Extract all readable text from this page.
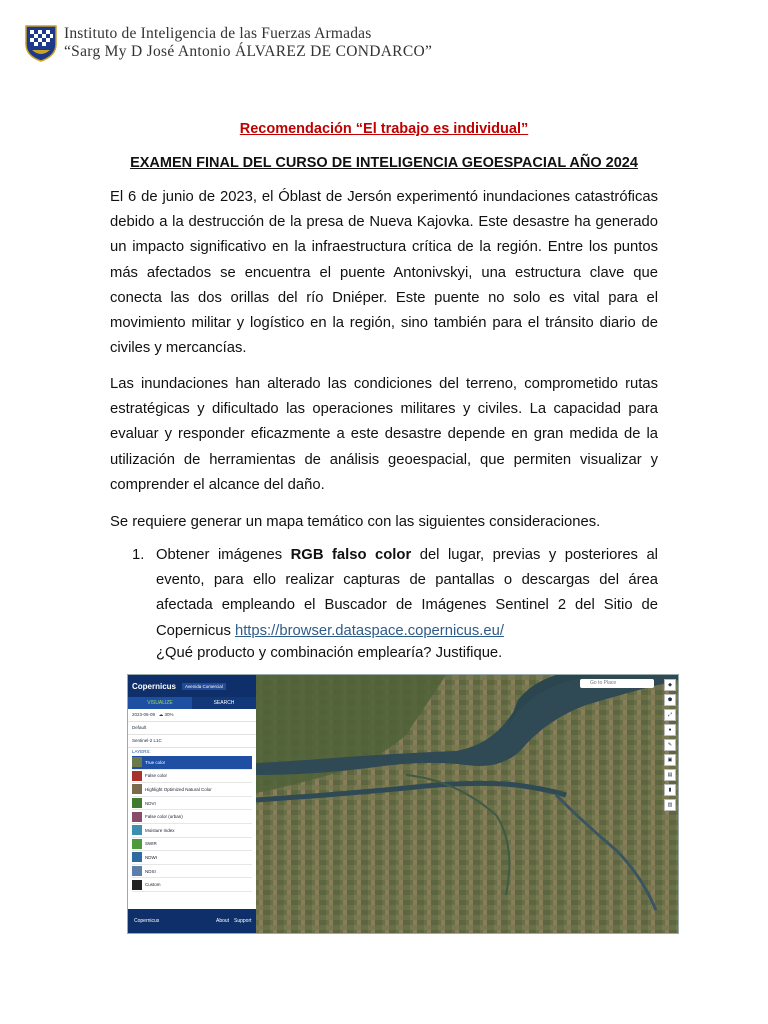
Instituto de Inteligencia de las Fuerzas Armadas
“Sarg My D José Antonio ÁLVAREZ DE CONDARCO”
Recomendación “El trabajo es individual”
EXAMEN FINAL DEL CURSO DE INTELIGENCIA GEOESPACIAL AÑO 2024
El 6 de junio de 2023, el Óblast de Jersón experimentó inundaciones catastróficas debido a la destrucción de la presa de Nueva Kajovka. Este desastre ha generado un impacto significativo en la infraestructura crítica de la región. Entre los puntos más afectados se encuentra el puente Antonivskyi, una estructura clave que conecta las dos orillas del río Dniéper. Este puente no solo es vital para el movimiento militar y logístico en la región, sino también para el tránsito diario de civiles y mercancías.
Las inundaciones han alterado las condiciones del terreno, comprometido rutas estratégicas y dificultado las operaciones militares y civiles. La capacidad para evaluar y responder eficazmente a este desastre depende en gran medida de la utilización de herramientas de análisis geoespacial, que permiten visualizar y comprender el alcance del daño.
Se requiere generar un mapa temático con las siguientes consideraciones.
1. Obtener imágenes RGB falso color del lugar, previas y posteriores al evento, para ello realizar capturas de pantallas o descargas del área afectada empleando el Buscador de Imágenes Sentinel 2 del Sitio de Copernicus https://browser.dataspace.copernicus.eu/
¿Qué producto y combinación emplearía? Justifique.
Copernicus	Avenida Comercial
VISUALIZE	SEARCH
2023-06-09   ☁ 30%
Default
Sentinel-2 L1C
LAYERS:
True color
False color
Highlight Optimized Natural Color
NDVI
False color (urban)
Moisture Index
SWIR
NDWI
NDSI
Custom
Copernicus	About Support
Go to Place	◆
⬟
⤢
●
✎
▣
▤
▮
▥
